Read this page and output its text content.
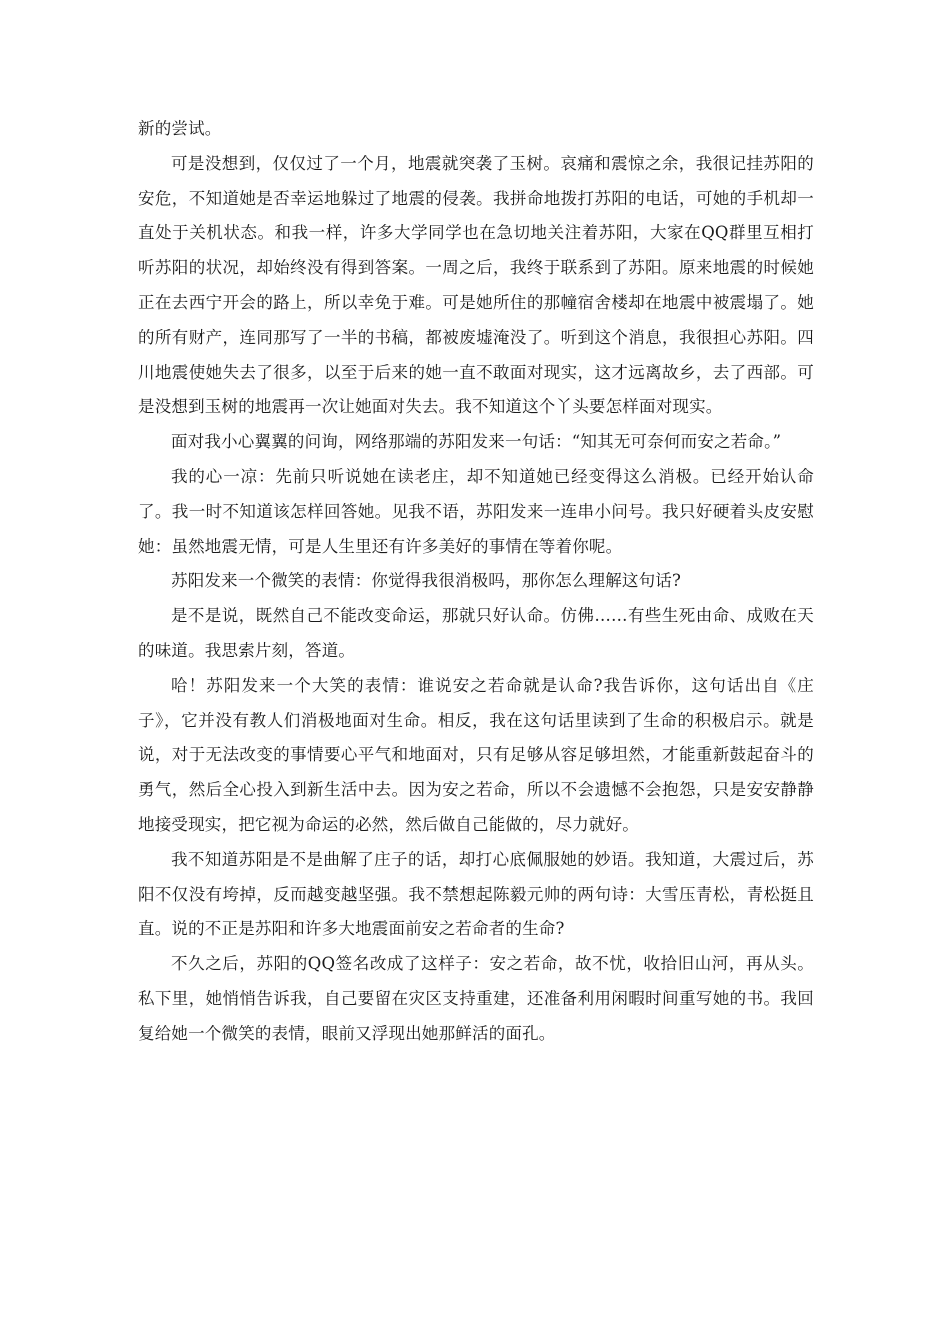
新的尝试。

可是没想到，仅仅过了一个月，地震就突袭了玉树。哀痛和震惊之余，我很记挂苏阳的安危，不知道她是否幸运地躲过了地震的侵袭。我拼命地拨打苏阳的电话，可她的手机却一直处于关机状态。和我一样，许多大学同学也在急切地关注着苏阳，大家在QQ群里互相打听苏阳的状况，却始终没有得到答案。一周之后，我终于联系到了苏阳。原来地震的时候她正在去西宁开会的路上，所以幸免于难。可是她所住的那幢宿舍楼却在地震中被震塌了。她的所有财产，连同那写了一半的书稿，都被废墟淹没了。听到这个消息，我很担心苏阳。四川地震使她失去了很多，以至于后来的她一直不敢面对现实，这才远离故乡，去了西部。可是没想到玉树的地震再一次让她面对失去。我不知道这个丫头要怎样面对现实。

面对我小心翼翼的问询，网络那端的苏阳发来一句话：“知其无可奈何而安之若命。”

我的心一凉：先前只听说她在读老庄，却不知道她已经变得这么消极。已经开始认命了。我一时不知道该怎样回答她。见我不语，苏阳发来一连串小问号。我只好硬着头皮安慰她：虽然地震无情，可是人生里还有许多美好的事情在等着你呢。

苏阳发来一个微笑的表情：你觉得我很消极吗，那你怎么理解这句话?

是不是说，既然自己不能改变命运，那就只好认命。仿佛……有些生死由命、成败在天的味道。我思索片刻，答道。

哈！苏阳发来一个大笑的表情：谁说安之若命就是认命?我告诉你，这句话出自《庄子》，它并没有教人们消极地面对生命。相反，我在这句话里读到了生命的积极启示。就是说，对于无法改变的事情要心平气和地面对，只有足够从容足够坦然，才能重新鼓起奋斗的勇气，然后全心投入到新生活中去。因为安之若命，所以不会遗憾不会抱怨，只是安安静静地接受现实，把它视为命运的必然，然后做自己能做的，尽力就好。

我不知道苏阳是不是曲解了庄子的话，却打心底佩服她的妙语。我知道，大震过后，苏阳不仅没有垮掉，反而越变越坚强。我不禁想起陈毅元帅的两句诗：大雪压青松，青松挺且直。说的不正是苏阳和许多大地震面前安之若命者的生命?

不久之后，苏阳的QQ签名改成了这样子：安之若命，故不忧，收拾旧山河，再从头。私下里，她悄悄告诉我，自己要留在灾区支持重建，还准备利用闲暇时间重写她的书。我回复给她一个微笑的表情，眼前又浮现出她那鲜活的面孔。
